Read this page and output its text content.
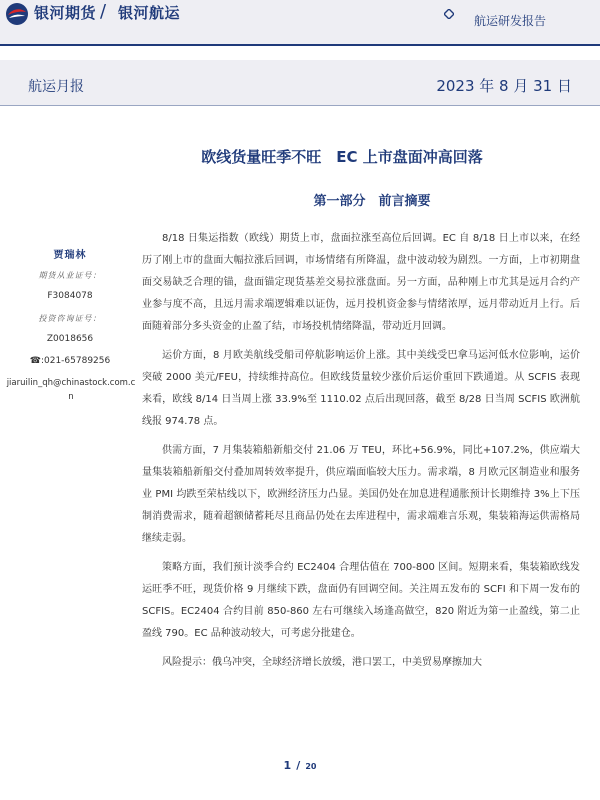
银河期货 / 银河航运	航运研发报告
航运月报	2023 年 8 月 31 日
欧线货量旺季不旺　EC 上市盘面冲高回落
第一部分　前言摘要
贾瑞林
期货从业证号：
F3084078
投资咨询证号：
Z0018656
☎:021-65789256
jiaruilin_qh@chinastock.com.cn

8/18 日集运指数（欧线）期货上市，盘面拉涨至高位后回调。EC 自 8/18 日上市以来，在经历了刚上市的盘面大幅拉涨后回调，市场情绪有所降温，盘中波动较为剧烈。一方面，上市初期盘面交易缺乏合理的锚，盘面锚定现货基差交易拉涨盘面。另一方面，品种刚上市尤其是远月合约产业参与度不高，且远月需求端逻辑难以证伪，远月投机资金参与情绪浓厚，远月带动近月上行。后面随着部分多头资金的止盈了结，市场投机情绪降温，带动近月回调。

运价方面，8 月欧美航线受船司停航影响运价上涨。其中美线受巴拿马运河低水位影响，运价突破 2000 美元/FEU，持续维持高位。但欧线货量较少涨价后运价重回下跌通道。从 SCFIS 表现来看，欧线 8/14 日当周上涨 33.9%至 1110.02 点后出现回落，截至 8/28 日当周 SCFIS 欧洲航线报 974.78 点。

供需方面，7 月集装箱船新船交付 21.06 万 TEU，环比+56.9%，同比+107.2%，供应端大量集装箱船新船交付叠加周转效率提升，供应端面临较大压力。需求端，8 月欧元区制造业和服务业 PMI 均跌至荣枯线以下，欧洲经济压力凸显。美国仍处在加息进程通胀预计长期维持 3%上下压制消费需求，随着超额储蓄耗尽且商品仍处在去库进程中，需求端难言乐观，集装箱海运供需格局继续走弱。

策略方面，我们预计淡季合约 EC2404 合理估值在 700-800 区间。短期来看，集装箱欧线发运旺季不旺，现货价格 9 月继续下跌，盘面仍有回调空间。关注周五发布的 SCFI 和下周一发布的 SCFIS。EC2404 合约目前 850-860 左右可继续入场逢高做空，820 附近为第一止盈线，第二止盈线 790。EC 品种波动较大，可考虑分批建仓。

风险提示：俄乌冲突，全球经济增长放缓，港口罢工，中美贸易摩擦加大

1 / 20
